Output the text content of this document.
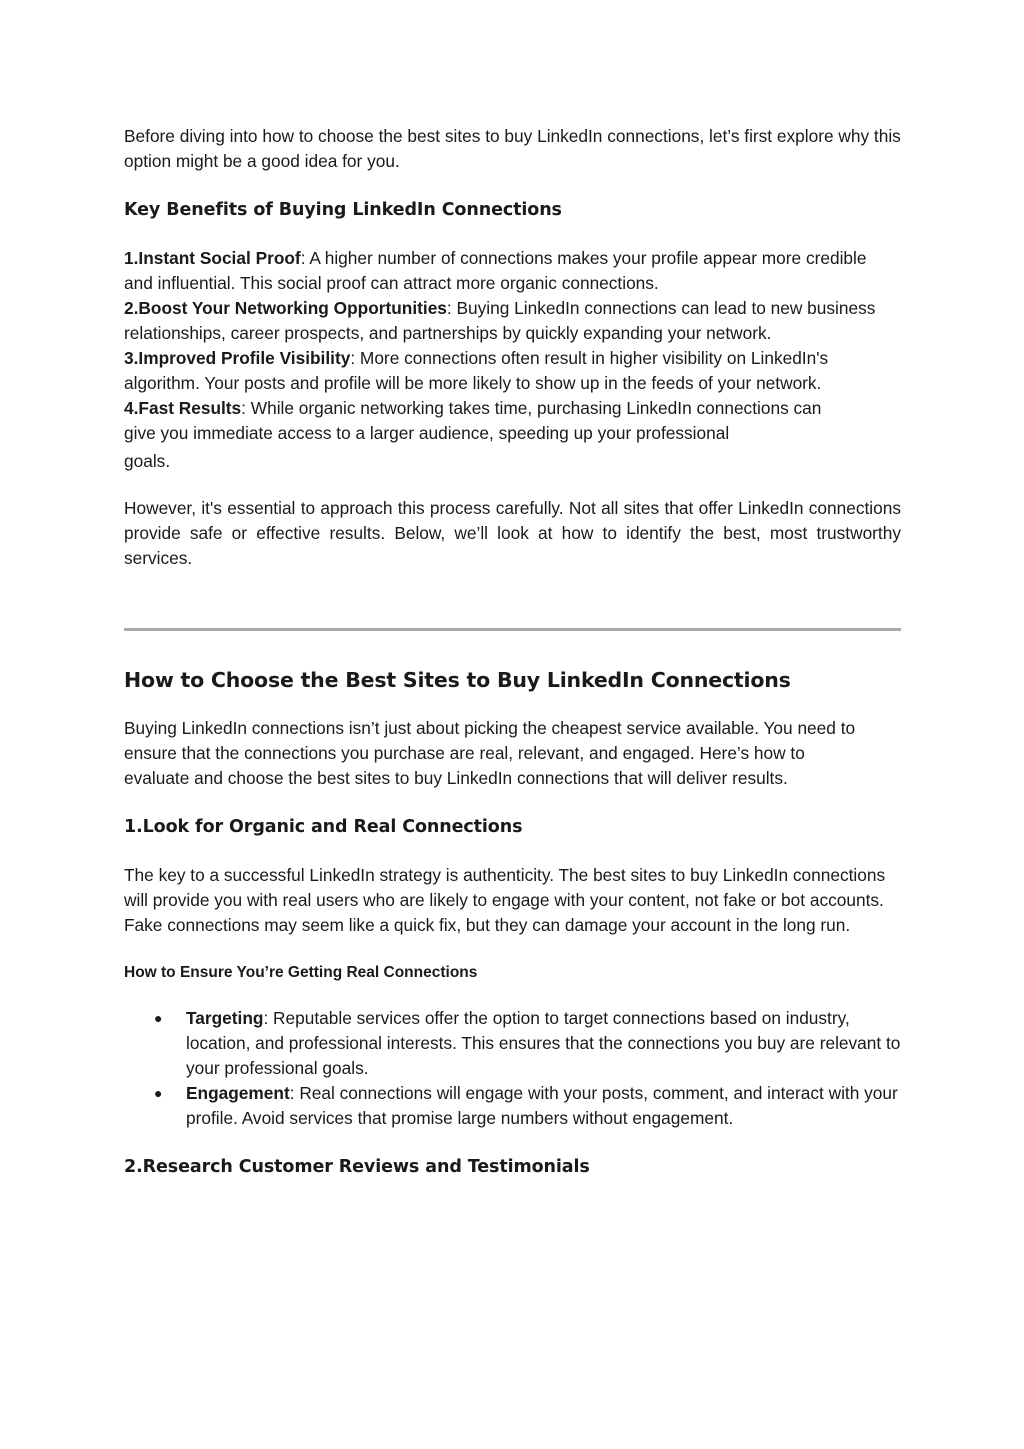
Before diving into how to choose the best sites to buy LinkedIn connections, let’s first explore why this option might be a good idea for you.

Key Benefits of Buying LinkedIn Connections

1.Instant Social Proof: A higher number of connections makes your profile appear more credible and influential. This social proof can attract more organic connections.

2.Boost Your Networking Opportunities: Buying LinkedIn connections can lead to new business relationships, career prospects, and partnerships by quickly expanding your network.

3.Improved Profile Visibility: More connections often result in higher visibility on LinkedIn's algorithm. Your posts and profile will be more likely to show up in the feeds of your network.

4.Fast Results: While organic networking takes time, purchasing LinkedIn connections can give you immediate access to a larger audience, speeding up your professional

goals.

However, it's essential to approach this process carefully. Not all sites that offer LinkedIn connections provide safe or effective results. Below, we’ll look at how to identify the best, most trustworthy services.

How to Choose the Best Sites to Buy LinkedIn Connections

Buying LinkedIn connections isn’t just about picking the cheapest service available. You need to ensure that the connections you purchase are real, relevant, and engaged. Here’s how to evaluate and choose the best sites to buy LinkedIn connections that will deliver results.

1.Look for Organic and Real Connections

The key to a successful LinkedIn strategy is authenticity. The best sites to buy LinkedIn connections will provide you with real users who are likely to engage with your content, not fake or bot accounts. Fake connections may seem like a quick fix, but they can damage your account in the long run.

How to Ensure You’re Getting Real Connections
● Targeting: Reputable services offer the option to target connections based on industry, location, and professional interests. This ensures that the connections you buy are relevant to your professional goals.
● Engagement: Real connections will engage with your posts, comment, and interact with your profile. Avoid services that promise large numbers without engagement.
2.Research Customer Reviews and Testimonials
